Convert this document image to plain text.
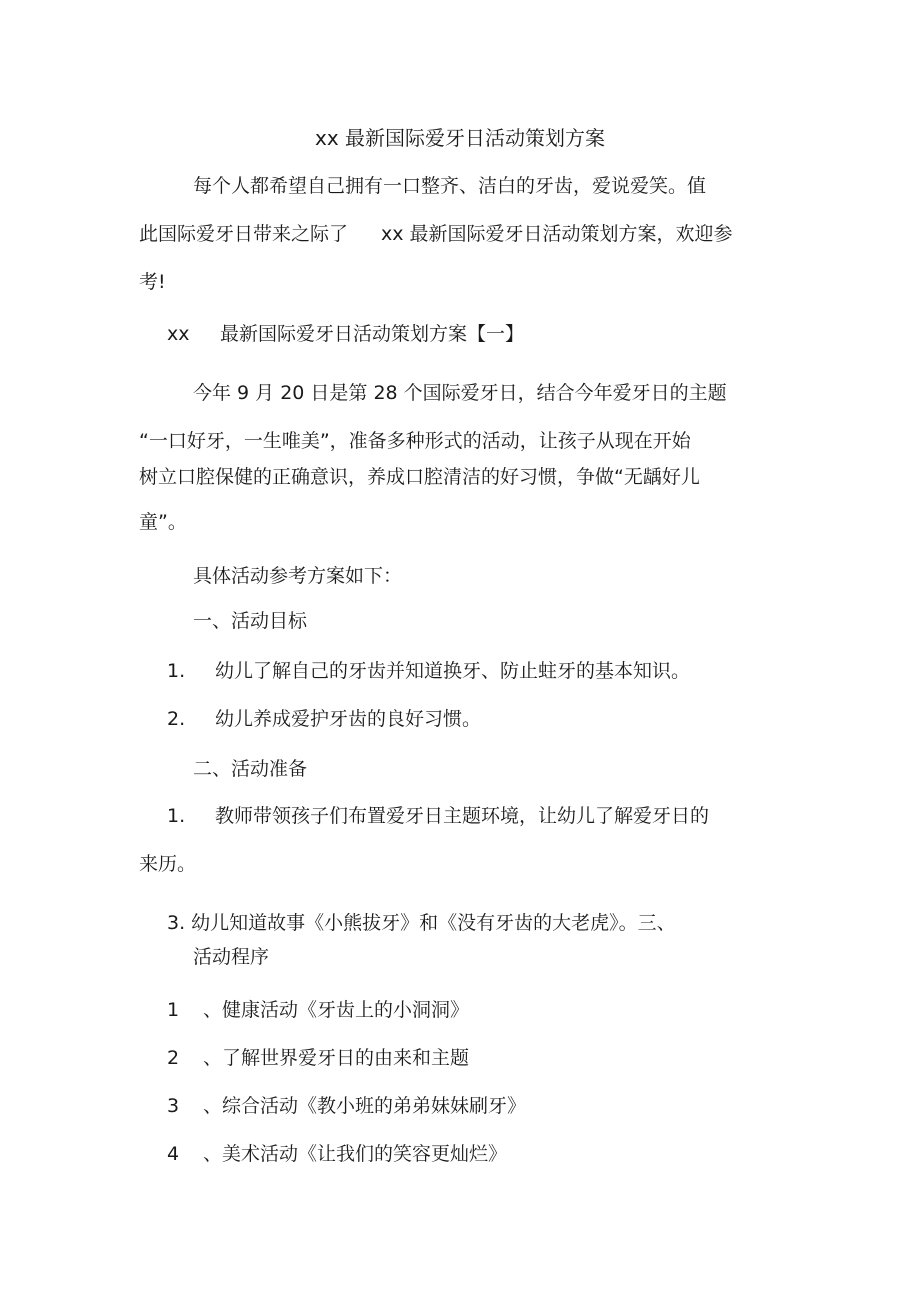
xx 最新国际爱牙日活动策划方案
每个人都希望自己拥有一口整齐、洁白的牙齿，爱说爱笑。值
此国际爱牙日带来之际了 xx 最新国际爱牙日活动策划方案，欢迎参
考!
xx 最新国际爱牙日活动策划方案【一】
今年 9 月 20 日是第 28 个国际爱牙日，结合今年爱牙日的主题
“一口好牙，一生唯美”，准备多种形式的活动，让孩子从现在开始
树立口腔保健的正确意识，养成口腔清洁的好习惯，争做“无龋好儿
童”。
具体活动参考方案如下：
一、活动目标
1. 幼儿了解自己的牙齿并知道换牙、防止蛀牙的基本知识。
2. 幼儿养成爱护牙齿的良好习惯。
二、活动准备
1. 教师带领孩子们布置爱牙日主题环境，让幼儿了解爱牙日的
来历。
3. 幼儿知道故事《小熊拔牙》和《没有牙齿的大老虎》。三、
活动程序
1 、健康活动《牙齿上的小洞洞》
2 、了解世界爱牙日的由来和主题
3 、综合活动《教小班的弟弟妹妹刷牙》
4 、美术活动《让我们的笑容更灿烂》
